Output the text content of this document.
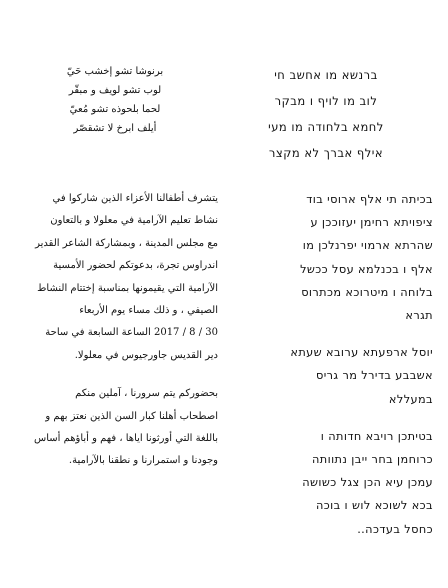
برنوشا تشو إخشب حَيّ
لوب تشو لويف و مبقّر
لحما بلحوذه تشو مُعيّ
أيلف ابرخ لا تشقصّر
ברנשא מו אחשב חי
לוב מו לויף ו מבקר
לחמא בלחודה מו מעי
אילף אברך לא מקצר
يتشرف أطفالنا الأعزاء الذين شاركوا في
نشاط تعليم الآرامية في معلولا و بالتعاون
مع مجلس المدينة ، وبمشاركة الشاعر القدير
اندراوس تجرة، بدعوتكم لحضور الأمسية
الآرامية التي يقيمونها بمناسبة إختتام النشاط
الصيفي ، و ذلك مساء يوم الأربعاء
30 / 8 / 2017 الساعة السابعة في ساحة
دير القديس جاورجيوس في معلولا.
بحضوركم يتم سرورنا ، آملين منكم
اصطحاب أهلنا كبار السن الذين نعتز بهم و
باللغة التي أورثونا اياها ، فهم و أباؤهم أساس
وجودنا و استمرارنا و نطقنا بالآرامية.
בכיתה תי אלף ארוסי בוד
ציפויתא רחימן יעזוככן ע
שהרתא ארמוי יפרנלכן מו
אלף ו בכנלמא עסל ככשל
בלוחה ו מיטרוכא מכתרוס
תגרא
יוסל ארפעתא ערובא שעתא
אשבבע בדירל מר גריס
במעללא
בטיתכן רויבא חדותה ו
כרוחמן בחר ייבן נתוותה
עמכן עיא הכן צגל כשושה
בכא לשוכא לוש ו בוכה
כחסל בעדכה..
